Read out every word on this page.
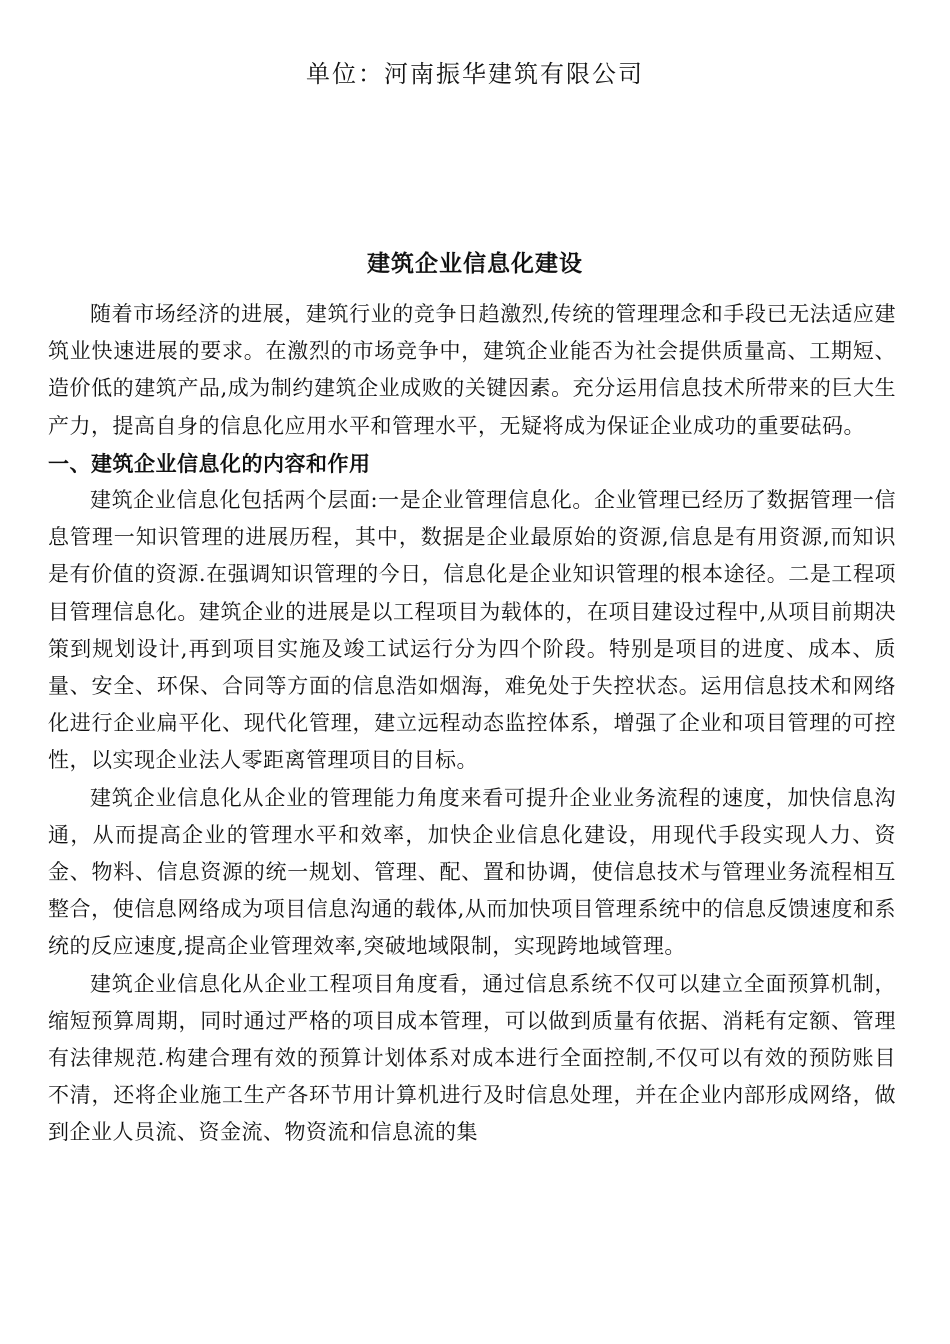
单位：河南振华建筑有限公司
建筑企业信息化建设

随着市场经济的进展，建筑行业的竞争日趋激烈,传统的管理理念和手段已无法适应建筑业快速进展的要求。在激烈的市场竞争中，建筑企业能否为社会提供质量高、工期短、造价低的建筑产品,成为制约建筑企业成败的关键因素。充分运用信息技术所带来的巨大生产力，提高自身的信息化应用水平和管理水平，无疑将成为保证企业成功的重要砝码。

一、建筑企业信息化的内容和作用

建筑企业信息化包括两个层面:一是企业管理信息化。企业管理已经历了数据管理一信息管理一知识管理的进展历程，其中，数据是企业最原始的资源,信息是有用资源,而知识是有价值的资源.在强调知识管理的今日，信息化是企业知识管理的根本途径。二是工程项目管理信息化。建筑企业的进展是以工程项目为载体的，在项目建设过程中,从项目前期决策到规划设计,再到项目实施及竣工试运行分为四个阶段。特别是项目的进度、成本、质量、安全、环保、合同等方面的信息浩如烟海，难免处于失控状态。运用信息技术和网络化进行企业扁平化、现代化管理，建立远程动态监控体系，增强了企业和项目管理的可控性，以实现企业法人零距离管理项目的目标。

建筑企业信息化从企业的管理能力角度来看可提升企业业务流程的速度，加快信息沟通，从而提高企业的管理水平和效率，加快企业信息化建设，用现代手段实现人力、资金、物料、信息资源的统一规划、管理、配、置和协调，使信息技术与管理业务流程相互整合，使信息网络成为项目信息沟通的载体,从而加快项目管理系统中的信息反馈速度和系统的反应速度,提高企业管理效率,突破地域限制，实现跨地域管理。

建筑企业信息化从企业工程项目角度看，通过信息系统不仅可以建立全面预算机制，缩短预算周期，同时通过严格的项目成本管理，可以做到质量有依据、消耗有定额、管理有法律规范.构建合理有效的预算计划体系对成本进行全面控制,不仅可以有效的预防账目不清，还将企业施工生产各环节用计算机进行及时信息处理，并在企业内部形成网络，做到企业人员流、资金流、物资流和信息流的集
